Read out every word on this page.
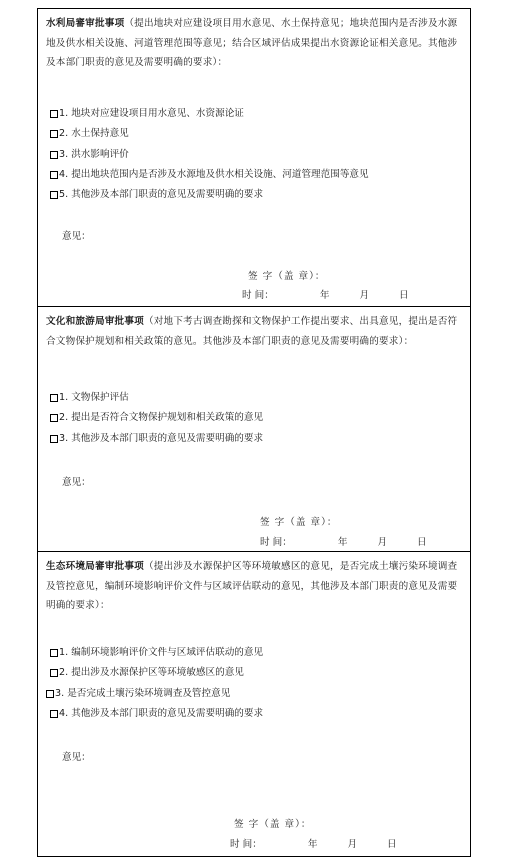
水利局審审批事项（提出地块对应建设项目用水意见、水土保持意见；地块范围内是否涉及水源地及供水相关设施、河道管理范围等意见；结合区域评估成果提出水资源论证相关意见。其他涉及本部门职责的意见及需要明确的要求）：
1. 地块对应建设项目用水意见、水资源论证
2. 水土保持意见
3. 洪水影响评价
4. 提出地块范围内是否涉及水源地及供水相关设施、河道管理范围等意见
5. 其他涉及本部门职责的意见及需要明确的要求
意见：
签 字（盖 章）：
时 间：	年	月	日
文化和旅游局审批事项（对地下考古调查勘探和文物保护工作提出要求、出具意见，提出是否符合文物保护规划和相关政策的意见。其他涉及本部门职责的意见及需要明确的要求）：
1. 文物保护评估
2. 提出是否符合文物保护规划和相关政策的意见
3. 其他涉及本部门职责的意见及需要明确的要求
意见：
签 字（盖 章）：
时 间：	年	月	日
生态环境局審审批事项（提出涉及水源保护区等环境敏感区的意见，是否完成土壤污染环境调查及管控意见，编制环境影响评价文件与区域评估联动的意见，其他涉及本部门职责的意见及需要明确的要求）：
1. 编制环境影响评价文件与区域评估联动的意见
2. 提出涉及水源保护区等环境敏感区的意见
3. 是否完成土壤污染环境调查及管控意见
4. 其他涉及本部门职责的意见及需要明确的要求
意见：
签 字（盖 章）：
时 间：	年	月	日
